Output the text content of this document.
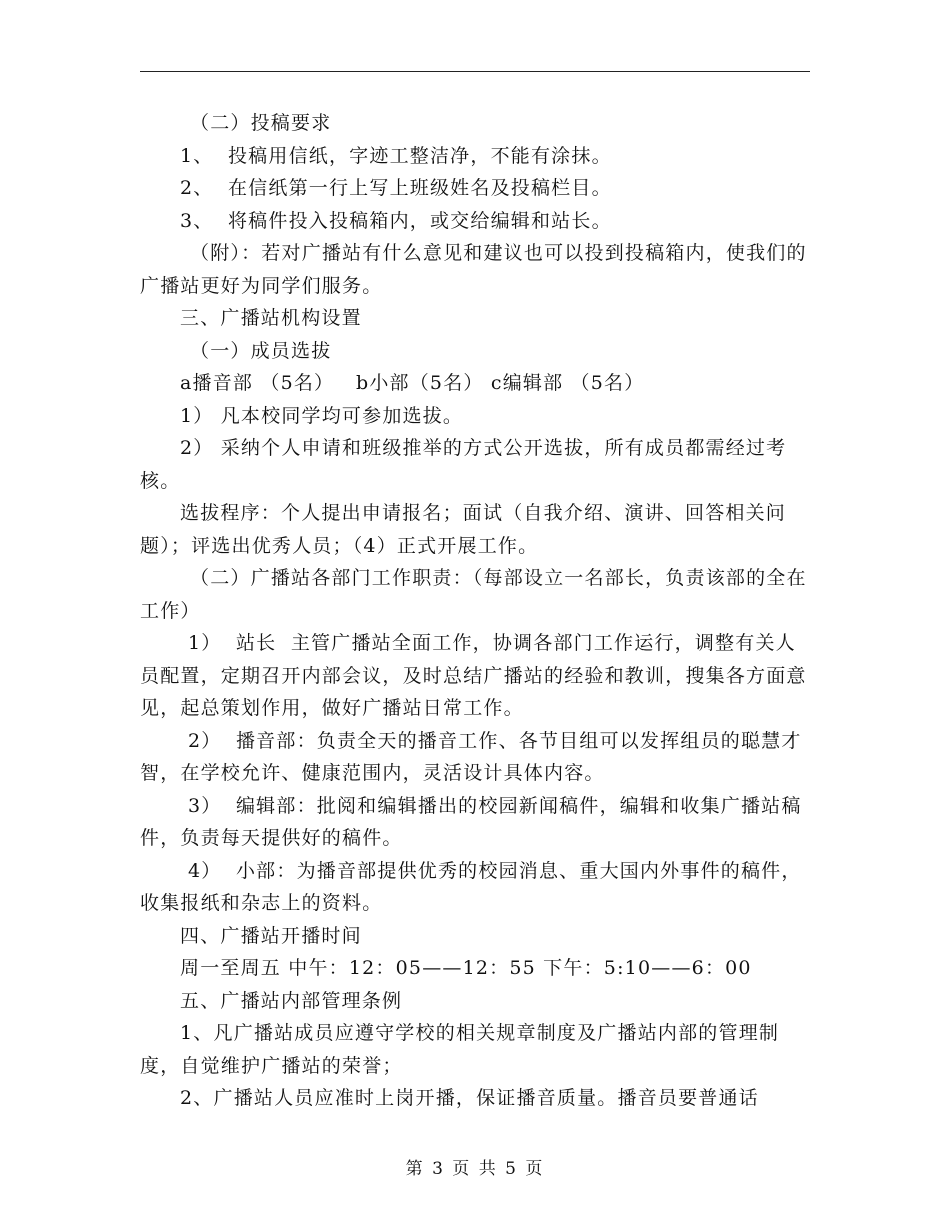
（二）投稿要求

1、  投稿用信纸，字迹工整洁净，不能有涂抹。

2、  在信纸第一行上写上班级姓名及投稿栏目。

3、  将稿件投入投稿箱内，或交给编辑和站长。

（附）：若对广播站有什么意见和建议也可以投到投稿箱内，使我们的广播站更好为同学们服务。

三、广播站机构设置

（一）成员选拔

a播音部 （5名）   b小部（5名） c编辑部 （5名）

1） 凡本校同学均可参加选拔。

2） 采纳个人申请和班级推举的方式公开选拔，所有成员都需经过考核。

选拔程序：个人提出申请报名；面试（自我介绍、演讲、回答相关问题）；评选出优秀人员；（4）正式开展工作。

（二）广播站各部门工作职责：（每部设立一名部长，负责该部的全在工作）

1）  站长  主管广播站全面工作，协调各部门工作运行，调整有关人员配置，定期召开内部会议，及时总结广播站的经验和教训，搜集各方面意见，起总策划作用，做好广播站日常工作。

2）  播音部：负责全天的播音工作、各节目组可以发挥组员的聪慧才智，在学校允许、健康范围内，灵活设计具体内容。

3）  编辑部：批阅和编辑播出的校园新闻稿件，编辑和收集广播站稿件，负责每天提供好的稿件。

4）  小部：为播音部提供优秀的校园消息、重大国内外事件的稿件，收集报纸和杂志上的资料。

四、广播站开播时间

周一至周五 中午：12：05——12：55 下午：5:10——6：00

五、广播站内部管理条例

1、凡广播站成员应遵守学校的相关规章制度及广播站内部的管理制度，自觉维护广播站的荣誉；

2、广播站人员应准时上岗开播，保证播音质量。播音员要普通话

第 3 页 共 5 页
